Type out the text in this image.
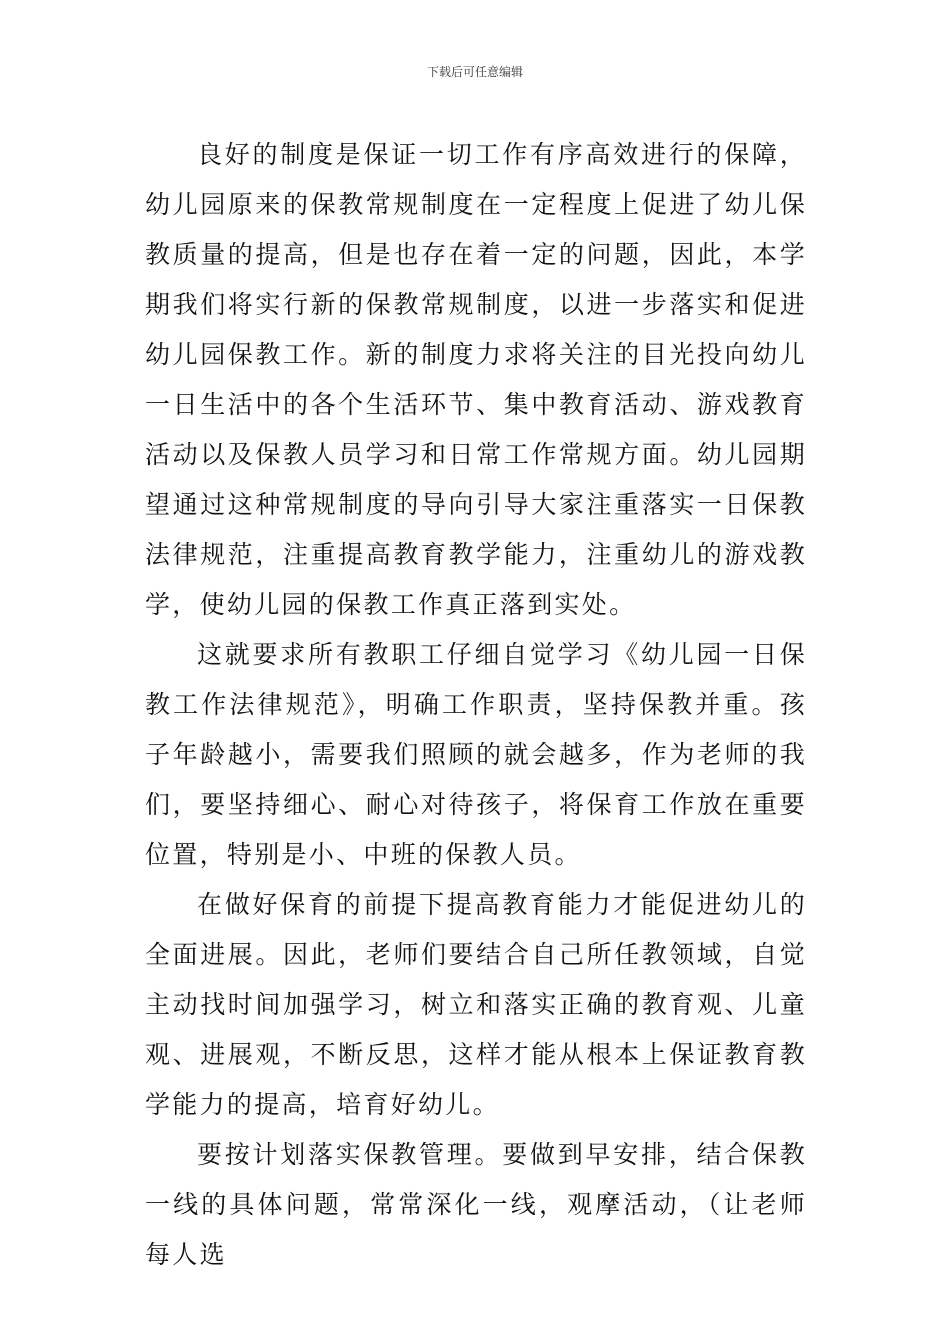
下载后可任意编辑

良好的制度是保证一切工作有序高效进行的保障，幼儿园原来的保教常规制度在一定程度上促进了幼儿保教质量的提高，但是也存在着一定的问题，因此，本学期我们将实行新的保教常规制度，以进一步落实和促进幼儿园保教工作。新的制度力求将关注的目光投向幼儿一日生活中的各个生活环节、集中教育活动、游戏教育活动以及保教人员学习和日常工作常规方面。幼儿园期望通过这种常规制度的导向引导大家注重落实一日保教法律规范，注重提高教育教学能力，注重幼儿的游戏教学，使幼儿园的保教工作真正落到实处。

这就要求所有教职工仔细自觉学习《幼儿园一日保教工作法律规范》，明确工作职责，坚持保教并重。孩子年龄越小，需要我们照顾的就会越多，作为老师的我们，要坚持细心、耐心对待孩子，将保育工作放在重要位置，特别是小、中班的保教人员。

在做好保育的前提下提高教育能力才能促进幼儿的全面进展。因此，老师们要结合自己所任教领域，自觉主动找时间加强学习，树立和落实正确的教育观、儿童观、进展观，不断反思，这样才能从根本上保证教育教学能力的提高，培育好幼儿。

要按计划落实保教管理。要做到早安排，结合保教一线的具体问题，常常深化一线，观摩活动，（让老师每人选
